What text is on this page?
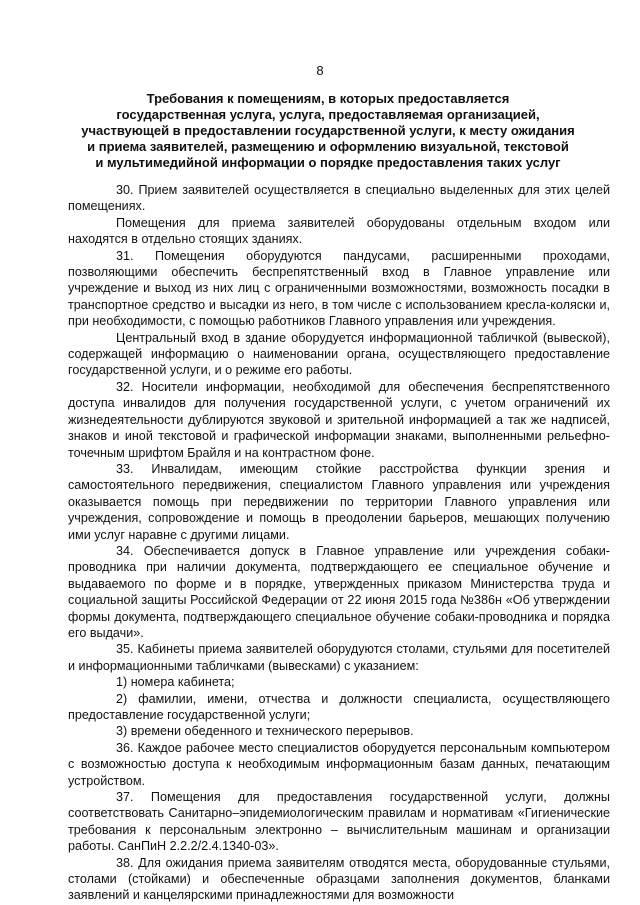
8
Требования к помещениям, в которых предоставляется
государственная услуга, услуга, предоставляемая организацией,
участвующей в предоставлении государственной услуги, к месту ожидания
и приема заявителей, размещению и оформлению визуальной, текстовой
и мультимедийной информации о порядке предоставления таких услуг

30. Прием заявителей осуществляется в специально выделенных для этих целей помещениях.

Помещения для приема заявителей оборудованы отдельным входом или находятся в отдельно стоящих зданиях.

31. Помещения оборудуются пандусами, расширенными проходами, позволяющими обеспечить беспрепятственный вход в Главное управление или учреждение и выход из них лиц с ограниченными возможностями, возможность посадки в транспортное средство и высадки из него, в том числе с использованием кресла-коляски и, при необходимости, с помощью работников Главного управления или учреждения.

Центральный вход в здание оборудуется информационной табличкой (вывеской), содержащей информацию о наименовании органа, осуществляющего предоставление государственной услуги, и о режиме его работы.

32. Носители информации, необходимой для обеспечения беспрепятственного доступа инвалидов для получения государственной услуги, с учетом ограничений их жизнедеятельности дублируются звуковой и зрительной информацией а так же надписей, знаков и иной текстовой и графической информации знаками, выполненными рельефно-точечным шрифтом Брайля и на контрастном фоне.

33. Инвалидам, имеющим стойкие расстройства функции зрения и самостоятельного передвижения, специалистом Главного управления или учреждения оказывается помощь при передвижении по территории Главного управления или учреждения, сопровождение и помощь в преодолении барьеров, мешающих получению ими услуг наравне с другими лицами.

34. Обеспечивается допуск в Главное управление или учреждения собаки-проводника при наличии документа, подтверждающего ее специальное обучение и выдаваемого по форме и в порядке, утвержденных приказом Министерства труда и социальной защиты Российской Федерации от 22 июня 2015 года №386н «Об утверждении формы документа, подтверждающего специальное обучение собаки-проводника и порядка его выдачи».

35. Кабинеты приема заявителей оборудуются столами, стульями для посетителей и информационными табличками (вывесками) с указанием:

1) номера кабинета;

2) фамилии, имени, отчества и должности специалиста, осуществляющего предоставление государственной услуги;

3) времени обеденного и технического перерывов.

36. Каждое рабочее место специалистов оборудуется персональным компьютером с возможностью доступа к необходимым информационным базам данных, печатающим устройством.

37. Помещения для предоставления государственной услуги, должны соответствовать Санитарно–эпидемиологическим правилам и нормативам «Гигиенические требования к персональным электронно – вычислительным машинам и организации работы. СанПиН 2.2.2/2.4.1340-03».

38. Для ожидания приема заявителям отводятся места, оборудованные стульями, столами (стойками) и обеспеченные образцами заполнения документов, бланками заявлений и канцелярскими принадлежностями для возможности
